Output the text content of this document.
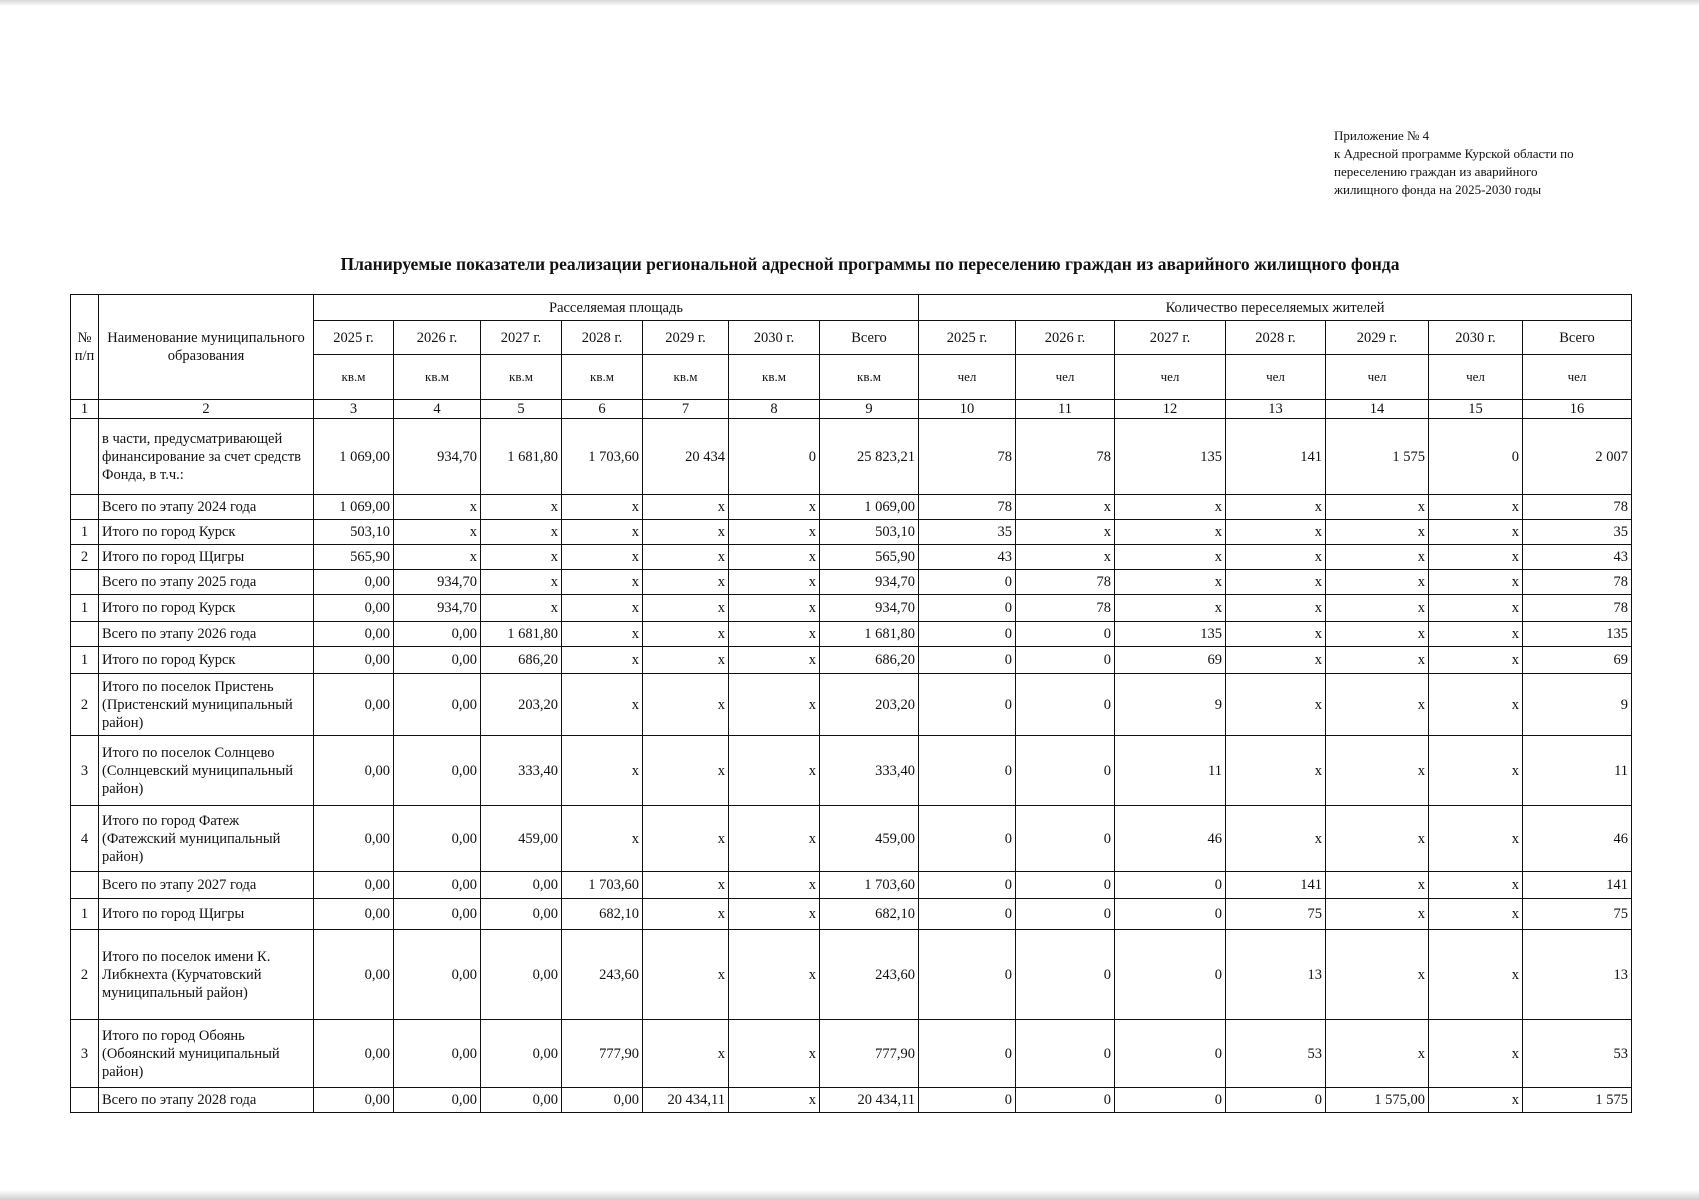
Приложение № 4
к Адресной программе Курской области по
переселению граждан из аварийного
жилищного фонда на 2025-2030 годы
Планируемые показатели реализации региональной адресной программы по переселению граждан из аварийного жилищного фонда
№ п/п	Наименование муниципального образования	Расселяемая площадь							Количество переселяемых жителей						
		2025 г.	2026 г.	2027 г.	2028 г.	2029 г.	2030 г.	Всего	2025 г.	2026 г.	2027 г.	2028 г.	2029 г.	2030 г.	Всего
		кв.м	кв.м	кв.м	кв.м	кв.м	кв.м	кв.м	чел	чел	чел	чел	чел	чел	чел
1	2	3	4	5	6	7	8	9	10	11	12	13	14	15	16
	в части, предусматривающей финансирование за счет средств Фонда, в т.ч.:	1 069,00	934,70	1 681,80	1 703,60	20 434	0	25 823,21	78	78	135	141	1 575	0	2 007
	Всего по этапу 2024 года	1 069,00	x	x	x	x	x	1 069,00	78	x	x	x	x	x	78
1	Итого по город Курск	503,10	x	x	x	x	x	503,10	35	x	x	x	x	x	35
2	Итого по город Щигры	565,90	x	x	x	x	x	565,90	43	x	x	x	x	x	43
	Всего по этапу 2025 года	0,00	934,70	x	x	x	x	934,70	0	78	x	x	x	x	78
1	Итого по город Курск	0,00	934,70	x	x	x	x	934,70	0	78	x	x	x	x	78
	Всего по этапу 2026 года	0,00	0,00	1 681,80	x	x	x	1 681,80	0	0	135	x	x	x	135
1	Итого по город Курск	0,00	0,00	686,20	x	x	x	686,20	0	0	69	x	x	x	69
2	Итого по поселок Пристень (Пристенский муниципальный район)	0,00	0,00	203,20	x	x	x	203,20	0	0	9	x	x	x	9
3	Итого по поселок Солнцево (Солнцевский муниципальный район)	0,00	0,00	333,40	x	x	x	333,40	0	0	11	x	x	x	11
4	Итого по город Фатеж (Фатежский муниципальный район)	0,00	0,00	459,00	x	x	x	459,00	0	0	46	x	x	x	46
	Всего по этапу 2027 года	0,00	0,00	0,00	1 703,60	x	x	1 703,60	0	0	0	141	x	x	141
1	Итого по город Щигры	0,00	0,00	0,00	682,10	x	x	682,10	0	0	0	75	x	x	75
2	Итого по поселок имени К. Либкнехта (Курчатовский муниципальный район)	0,00	0,00	0,00	243,60	x	x	243,60	0	0	0	13	x	x	13
3	Итого по город Обоянь (Обоянский муниципальный район)	0,00	0,00	0,00	777,90	x	x	777,90	0	0	0	53	x	x	53
	Всего по этапу 2028 года	0,00	0,00	0,00	0,00	20 434,11	x	20 434,11	0	0	0	0	1 575,00	x	1 575
